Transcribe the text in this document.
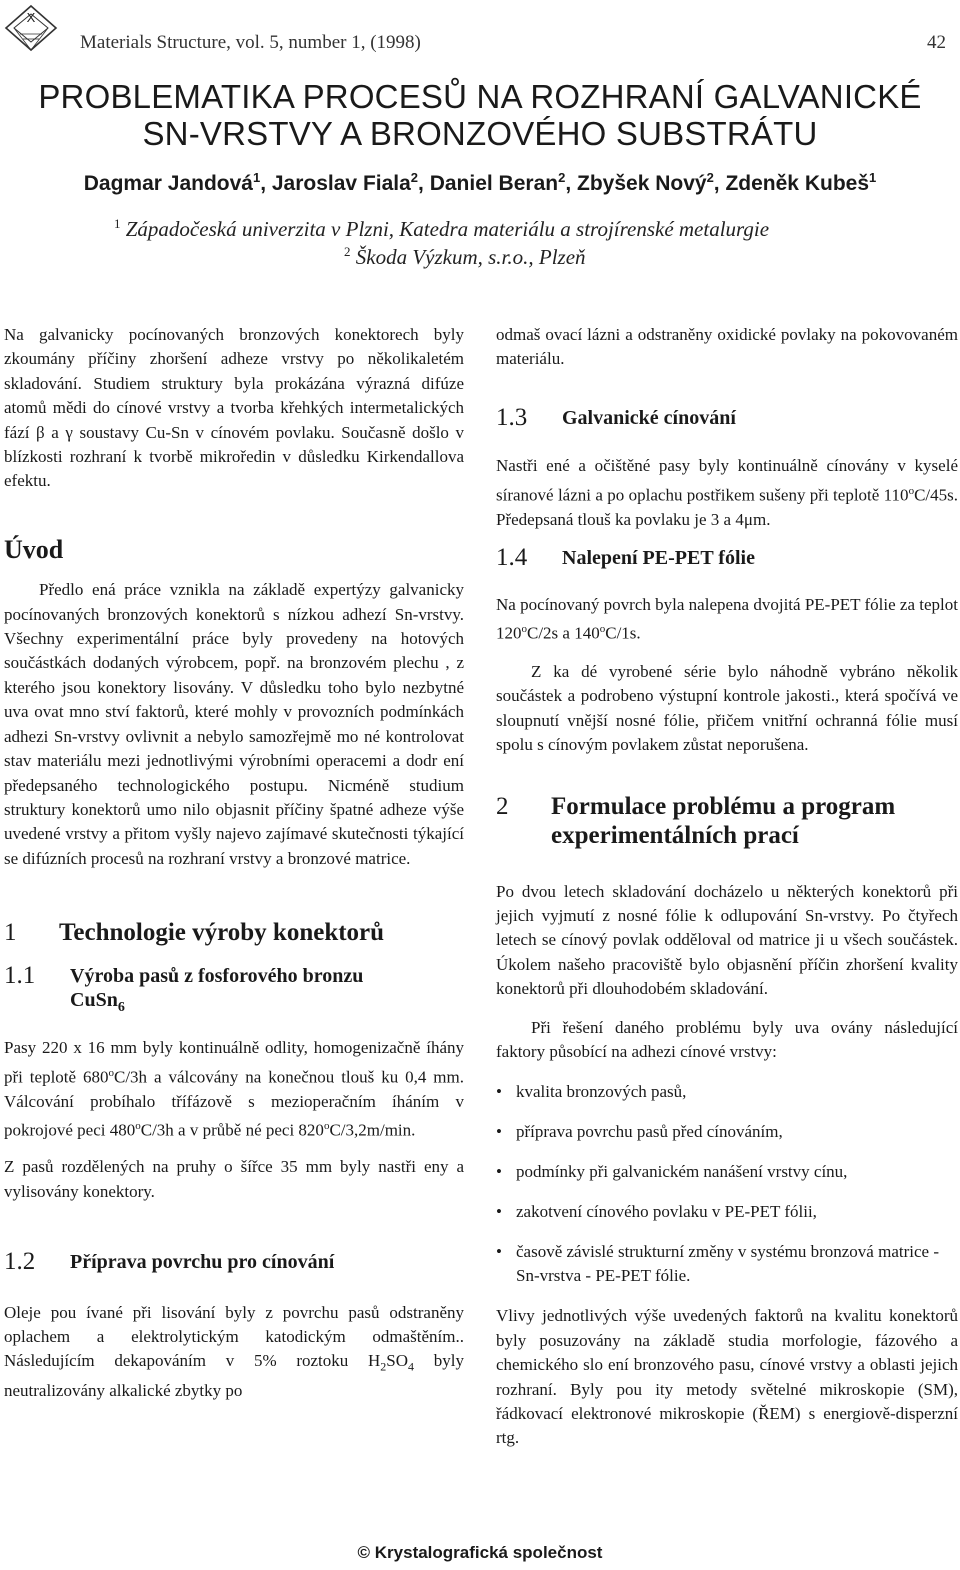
X
Materials Structure, vol. 5, number 1, (1998)	42
PROBLEMATIKA PROCESŮ NA ROZHRANÍ GALVANICKÉ
SN-VRSTVY A BRONZOVÉHO SUBSTRÁTU
Dagmar Jandová$^1$, Jaroslav Fiala$^2$, Daniel Beran$^2$, Zbyšek Nový$^2$, Zdeněk Kubeš$^1$
$^1$ Západočeská univerzita v Plzni, Katedra materiálu a strojírenské metalurgie
$^2$ Škoda Výzkum, s.r.o., Plzeň

Na galvanicky pocínovaných bronzových konektorech byly zkoumány příčiny zhoršení adheze vrstvy po několikaletém skladování. Studiem struktury byla prokázána výrazná difúze atomů mědi do cínové vrstvy a tvorba křehkých intermetalických fází β a γ soustavy Cu-Sn v cínovém povlaku. Současně došlo v blízkosti rozhraní k tvorbě mikroředin v důsledku Kirkendallova efektu.

Úvod

Předlo ená práce vznikla na základě expertýzy galvanicky pocínovaných bronzových konektorů s nízkou adhezí Sn-vrstvy. Všechny experimentální práce byly provedeny na hotových součástkách dodaných výrobcem, popř. na bronzovém plechu , z kterého jsou konektory lisovány. V důsledku toho bylo nezbytné uva ovat mno ství faktorů, které mohly v provozních podmínkách adhezi Sn-vrstvy ovlivnit a nebylo samozřejmě mo né kontrolovat stav materiálu mezi jednotlivými výrobními operacemi a dodr ení předepsaného technologického postupu. Nicméně studium struktury konektorů umo nilo objasnit příčiny špatné adheze výše uvedené vrstvy a přitom vyšly najevo zajímavé skutečnosti týkající se difúzních procesů na rozhraní vrstvy a bronzové matrice.

1	Technologie výroby konektorů
1.1	Výroba pasů z fosforového bronzu
CuSn$_6$

Pasy 220 x 16 mm byly kontinuálně odlity, homogenizačně íhány při teplotě 680$^o$C/3h a válcovány na konečnou tlouš ku 0,4 mm. Válcování probíhalo třífázově s mezioperačním íháním v pokrojové peci 480$^o$C/3h a v průbě né peci 820$^o$C/3,2m/min.

Z pasů rozdělených na pruhy o šířce 35 mm byly nastři eny a vylisovány konektory.

1.2	Příprava povrchu pro cínování

Oleje pou ívané při lisování byly z povrchu pasů odstraněny oplachem a elektrolytickým katodickým odmaštěním.. Následujícím dekapováním v 5% roztoku $H_2SO_4$ byly neutralizovány alkalické zbytky po

odmaš ovací lázni a odstraněny oxidické povlaky na pokovovaném materiálu.

1.3	Galvanické cínování

Nastři ené a očištěné pasy byly kontinuálně cínovány v kyselé síranové lázni a po oplachu postřikem sušeny při teplotě 110$^o$C/45s. Předepsaná tlouš ka povlaku je 3 a 4μm.

1.4	Nalepení PE-PET fólie

Na pocínovaný povrch byla nalepena dvojitá PE-PET fólie za teplot 120$^o$C/2s a 140$^o$C/1s.

Z ka dé vyrobené série bylo náhodně vybráno několik součástek a podrobeno výstupní kontrole jakosti., která spočívá ve sloupnutí vnější nosné fólie, přičem vnitřní ochranná fólie musí spolu s cínovým povlakem zůstat neporušena.

2	Formulace problému a program
experimentálních prací

Po dvou letech skladování docházelo u některých konektorů při jejich vyjmutí z nosné fólie k odlupování Sn-vrstvy. Po čtyřech letech se cínový povlak odděloval od matrice ji u všech součástek. Úkolem našeho pracoviště bylo objasnění příčin zhoršení kvality konektorů při dlouhodobém skladování.

Při řešení daného problému byly uva ovány následující faktory působící na adhezi cínové vrstvy:

• kvalita bronzových pasů,
• příprava povrchu pasů před cínováním,
• podmínky při galvanickém nanášení vrstvy cínu,
• zakotvení cínového povlaku v PE-PET fólii,
• časově závislé strukturní změny v systému bronzová matrice - Sn-vrstva - PE-PET fólie.

Vlivy jednotlivých výše uvedených faktorů na kvalitu konektorů byly posuzovány na základě studia morfologie, fázového a chemického slo ení bronzového pasu, cínové vrstvy a oblasti jejich rozhraní. Byly pou ity metody světelné mikroskopie (SM), řádkovací elektronové mikroskopie (ŘEM) s energiově-disperzní rtg.

© Krystalografická společnost
